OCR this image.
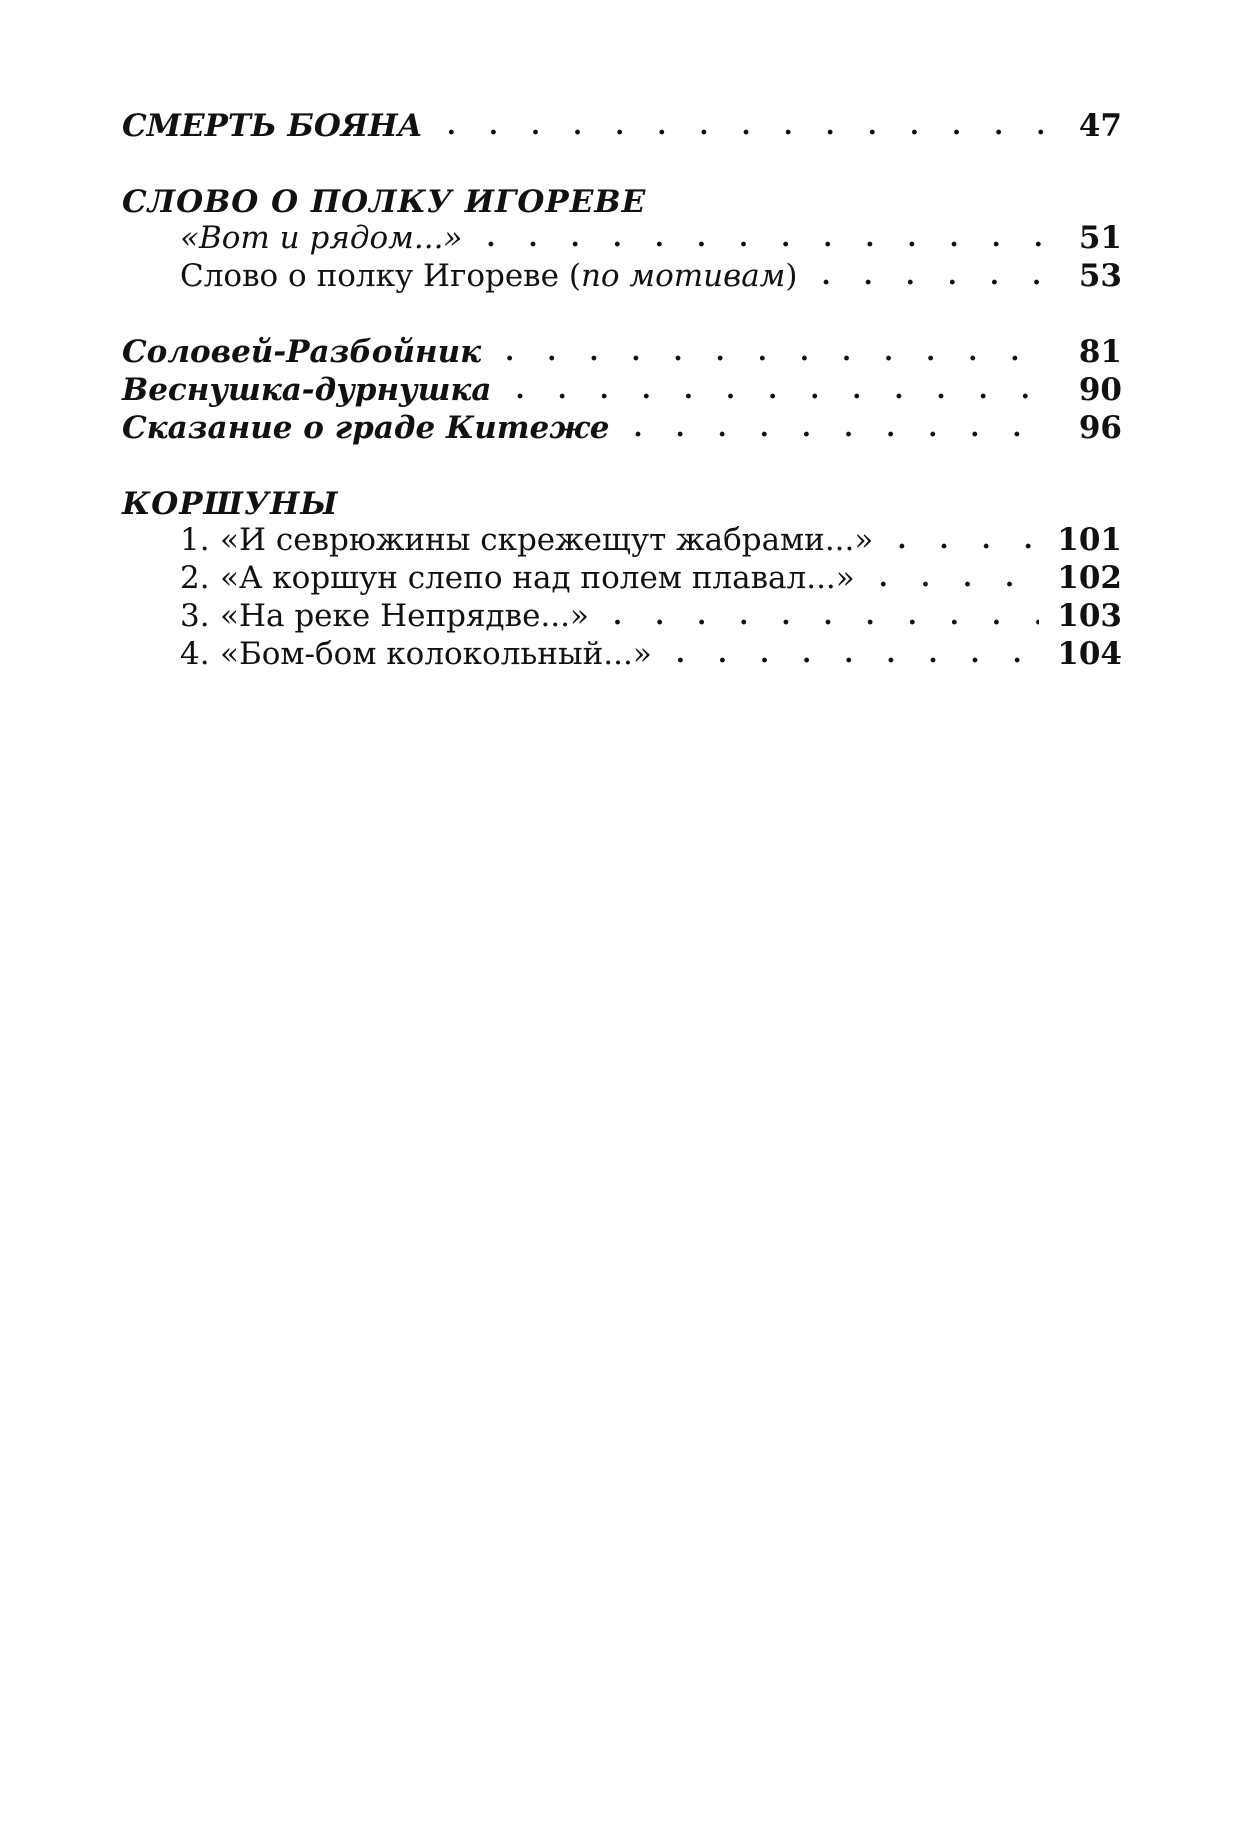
СМЕРТЬ БОЯНА . . .	47
СЛОВО О ПОЛКУ ИГОРЕВЕ
«Вот и рядом...» . . .	51
Слово о полку Игореве (по мотивам) . . .	53
Соловей-Разбойник . . .	81
Веснушка-дурнушка . . .	90
Сказание о граде Китеже . . .	96
КОРШУНЫ
1. «И севрюжины скрежещут жабрами...» . . .	101
2. «А коршун слепо над полем плавал...» . . .	102
3. «На реке Непрядве...» . . .	103
4. «Бом-бом колокольный...» . . .	104
